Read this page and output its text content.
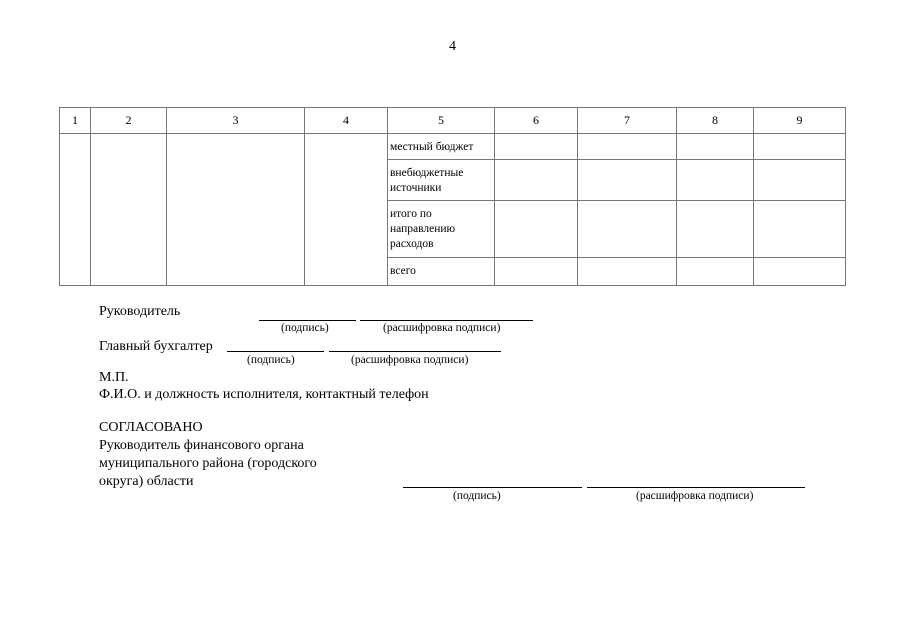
4
1	2	3	4	5	6	7	8	9
				местный бюджет				
				внебюджетные источники				

				итого по направлению расходов				

				всего				
Руководитель
(подпись)	(расшифровка подписи)
Главный бухгалтер
(подпись)	(расшифровка подписи)
М.П.
Ф.И.О. и должность исполнителя, контактный телефон
СОГЛАСОВАНО
Руководитель финансового органа
муниципального района (городского
округа) области
(подпись)	(расшифровка подписи)
